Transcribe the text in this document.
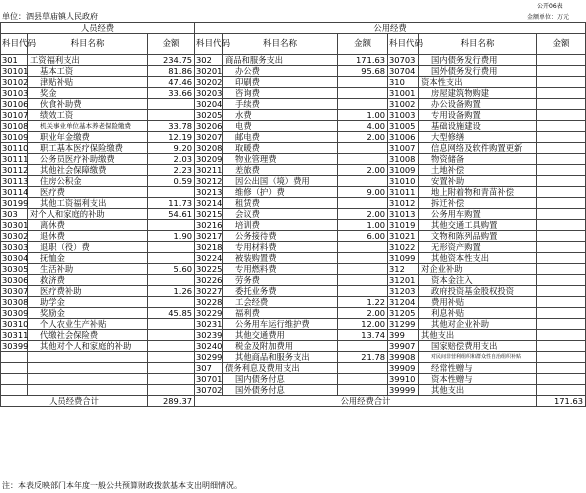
公开06表
单位：泗县草庙镇人民政府	金额单位：万元
人员经费			公用经费					
科目代码	科目名称	金额	科目代码	科目名称	金额	科目代码	科目名称	金额
301	工资福利支出	234.75	302	商品和服务支出	171.63	30703	国内债务发行费用	
30101	基本工资	81.86	30201	办公费	95.68	30704	国外债务发行费用	
30102	津贴补贴	47.46	30202	印刷费		310	资本性支出	
30103	奖金	33.66	30203	咨询费		31001	房屋建筑物购建	
30106	伙食补助费		30204	手续费		31002	办公设备购置	
30107	绩效工资		30205	水费	1.00	31003	专用设备购置	
30108	机关事业单位基本养老保险缴费	33.78	30206	电费	4.00	31005	基础设施建设	
30109	职业年金缴费	12.19	30207	邮电费	2.00	31006	大型修缮	
30110	职工基本医疗保险缴费	9.20	30208	取暖费		31007	信息网络及软件购置更新	
30111	公务员医疗补助缴费	2.03	30209	物业管理费		31008	物资储备	
30112	其他社会保障缴费	2.23	30211	差旅费	2.00	31009	土地补偿	
30113	住房公积金	0.59	30212	因公出国（境）费用		31010	安置补助	
30114	医疗费		30213	维修（护）费	9.00	31011	地上附着物和青苗补偿	
30199	其他工资福利支出	11.73	30214	租赁费		31012	拆迁补偿	
303	对个人和家庭的补助	54.61	30215	会议费	2.00	31013	公务用车购置	
30301	离休费		30216	培训费	1.00	31019	其他交通工具购置	
30302	退休费	1.90	30217	公务接待费	6.00	31021	文物和陈列品购置	
30303	退职（役）费		30218	专用材料费		31022	无形资产购置	
30304	抚恤金		30224	被装购置费		31099	其他资本性支出	
30305	生活补助	5.60	30225	专用燃料费		312	对企业补助	
30306	救济费		30226	劳务费		31201	资本金注入	
30307	医疗费补助	1.26	30227	委托业务费		31203	政府投资基金股权投资	
30308	助学金		30228	工会经费	1.22	31204	费用补贴	
30309	奖励金	45.85	30229	福利费	2.00	31205	利息补贴	
30310	个人农业生产补贴		30231	公务用车运行维护费	12.00	31299	其他对企业补助	
30311	代缴社会保险费		30239	其他交通费用	13.74	399	其他支出	
30399	其他对个人和家庭的补助		30240	税金及附加费用		39907	国家赔偿费用支出	
			30299	其他商品和服务支出	21.78	39908	对民间非营利组织和群众性自治组织补贴	
			307	债务利息及费用支出		39909	经常性赠与	
			30701	国内债务付息		39910	资本性赠与	
			30702	国外债务付息		39999	其他支出	
人员经费合计		289.37	公用经费合计					171.63
注：本表反映部门本年度一般公共预算财政拨款基本支出明细情况。
